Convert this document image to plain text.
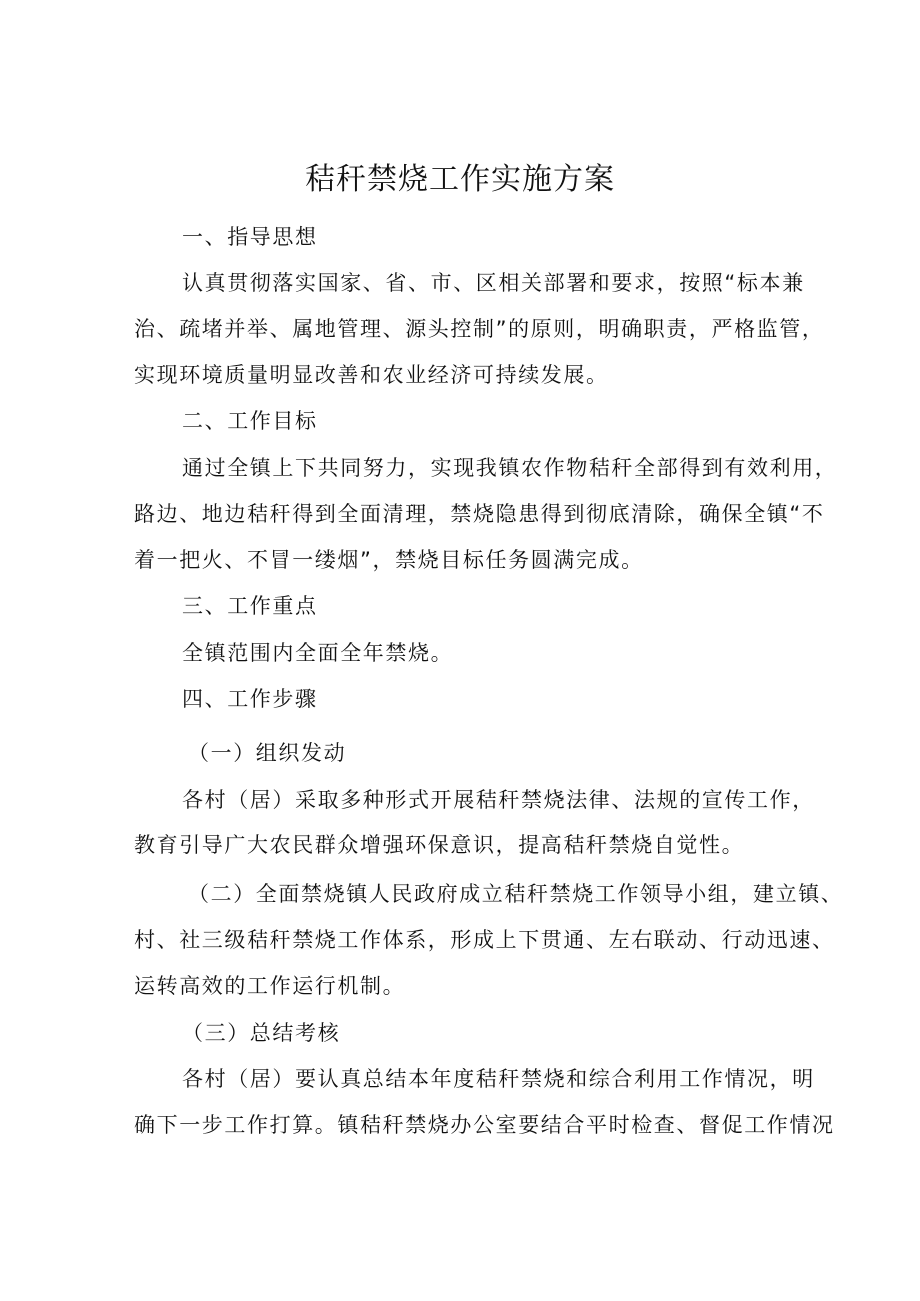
秸秆禁烧工作实施方案
一、指导思想
认真贯彻落实国家、省、市、区相关部署和要求，按照“标本兼
治、疏堵并举、属地管理、源头控制”的原则，明确职责，严格监管，
实现环境质量明显改善和农业经济可持续发展。
二、工作目标
通过全镇上下共同努力，实现我镇农作物秸秆全部得到有效利用，
路边、地边秸秆得到全面清理，禁烧隐患得到彻底清除，确保全镇“不
着一把火、不冒一缕烟”，禁烧目标任务圆满完成。
三、工作重点
全镇范围内全面全年禁烧。
四、工作步骤
（一）组织发动
各村（居）采取多种形式开展秸秆禁烧法律、法规的宣传工作，
教育引导广大农民群众增强环保意识，提高秸秆禁烧自觉性。
（二）全面禁烧镇人民政府成立秸秆禁烧工作领导小组，建立镇、
村、社三级秸秆禁烧工作体系，形成上下贯通、左右联动、行动迅速、
运转高效的工作运行机制。
（三）总结考核
各村（居）要认真总结本年度秸秆禁烧和综合利用工作情况，明
确下一步工作打算。镇秸秆禁烧办公室要结合平时检查、督促工作情况
